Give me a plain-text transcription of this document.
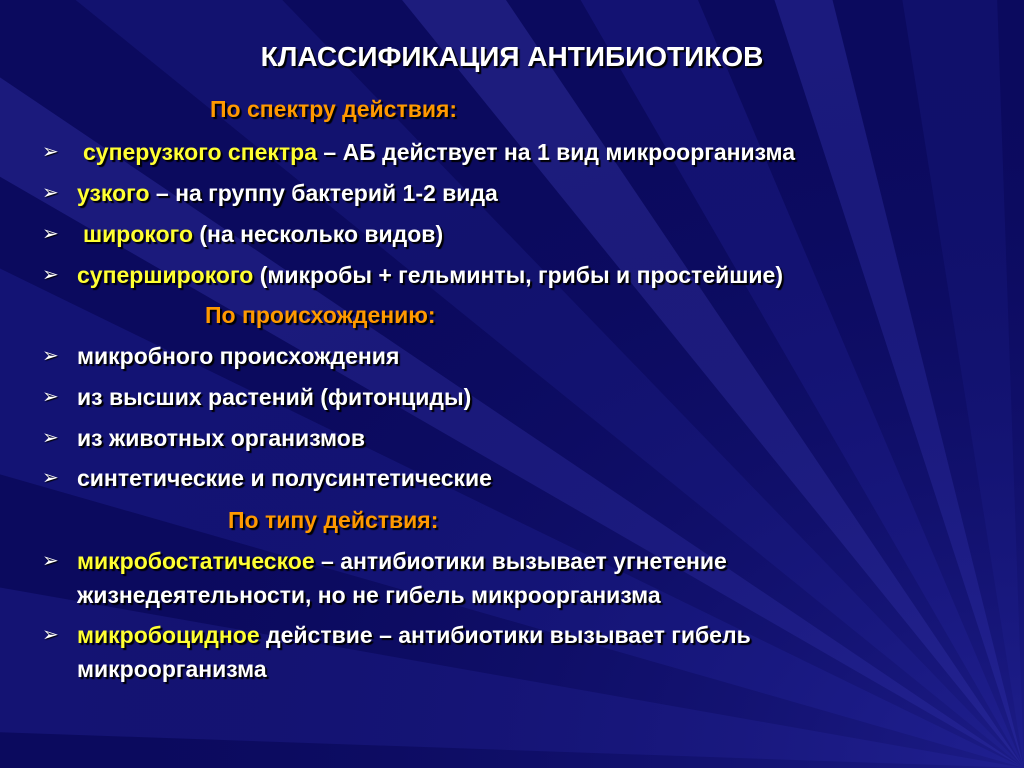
КЛАССИФИКАЦИЯ АНТИБИОТИКОВ
По спектру действия:
➢ суперузкого спектра – АБ действует на 1 вид микроорганизма
➢ узкого – на группу бактерий 1-2 вида
➢ широкого (на несколько видов)
➢ суперширокого (микробы + гельминты, грибы и простейшие)
По происхождению:
➢ микробного происхождения
➢ из высших растений (фитонциды)
➢ из животных организмов
➢ синтетические и полусинтетические
По типу действия:
➢ микробостатическое – антибиотики вызывает угнетение
жизнедеятельности, но не гибель микроорганизма
➢ микробоцидное действие – антибиотики вызывает гибель
микроорганизма
